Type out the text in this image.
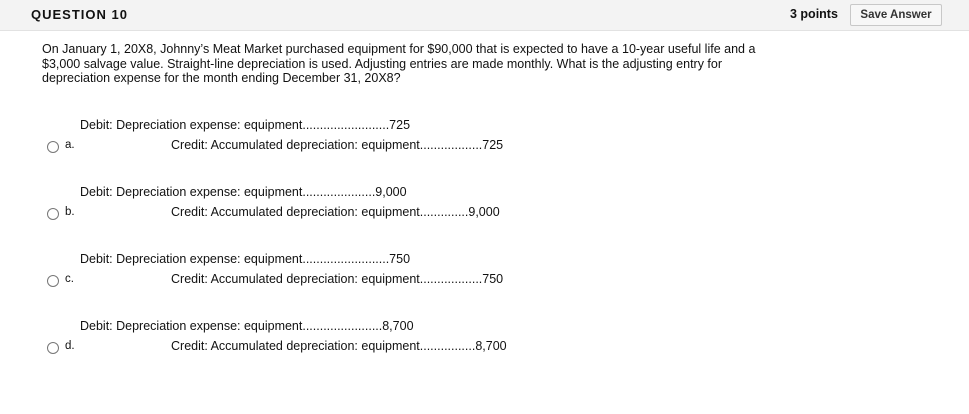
QUESTION 10	3 points	Save Answer
On January 1, 20X8, Johnny’s Meat Market purchased equipment for $90,000 that is expected to have a 10-year useful life and a $3,000 salvage value. Straight-line depreciation is used. Adjusting entries are made monthly. What is the adjusting entry for depreciation expense for the month ending December 31, 20X8?
Debit: Depreciation expense: equipment.........................725
a.	Credit: Accumulated depreciation: equipment..................725
Debit: Depreciation expense: equipment.....................9,000
b.	Credit: Accumulated depreciation: equipment..............9,000
Debit: Depreciation expense: equipment.........................750
c.	Credit: Accumulated depreciation: equipment..................750
Debit: Depreciation expense: equipment.......................8,700
d.	Credit: Accumulated depreciation: equipment................8,700
